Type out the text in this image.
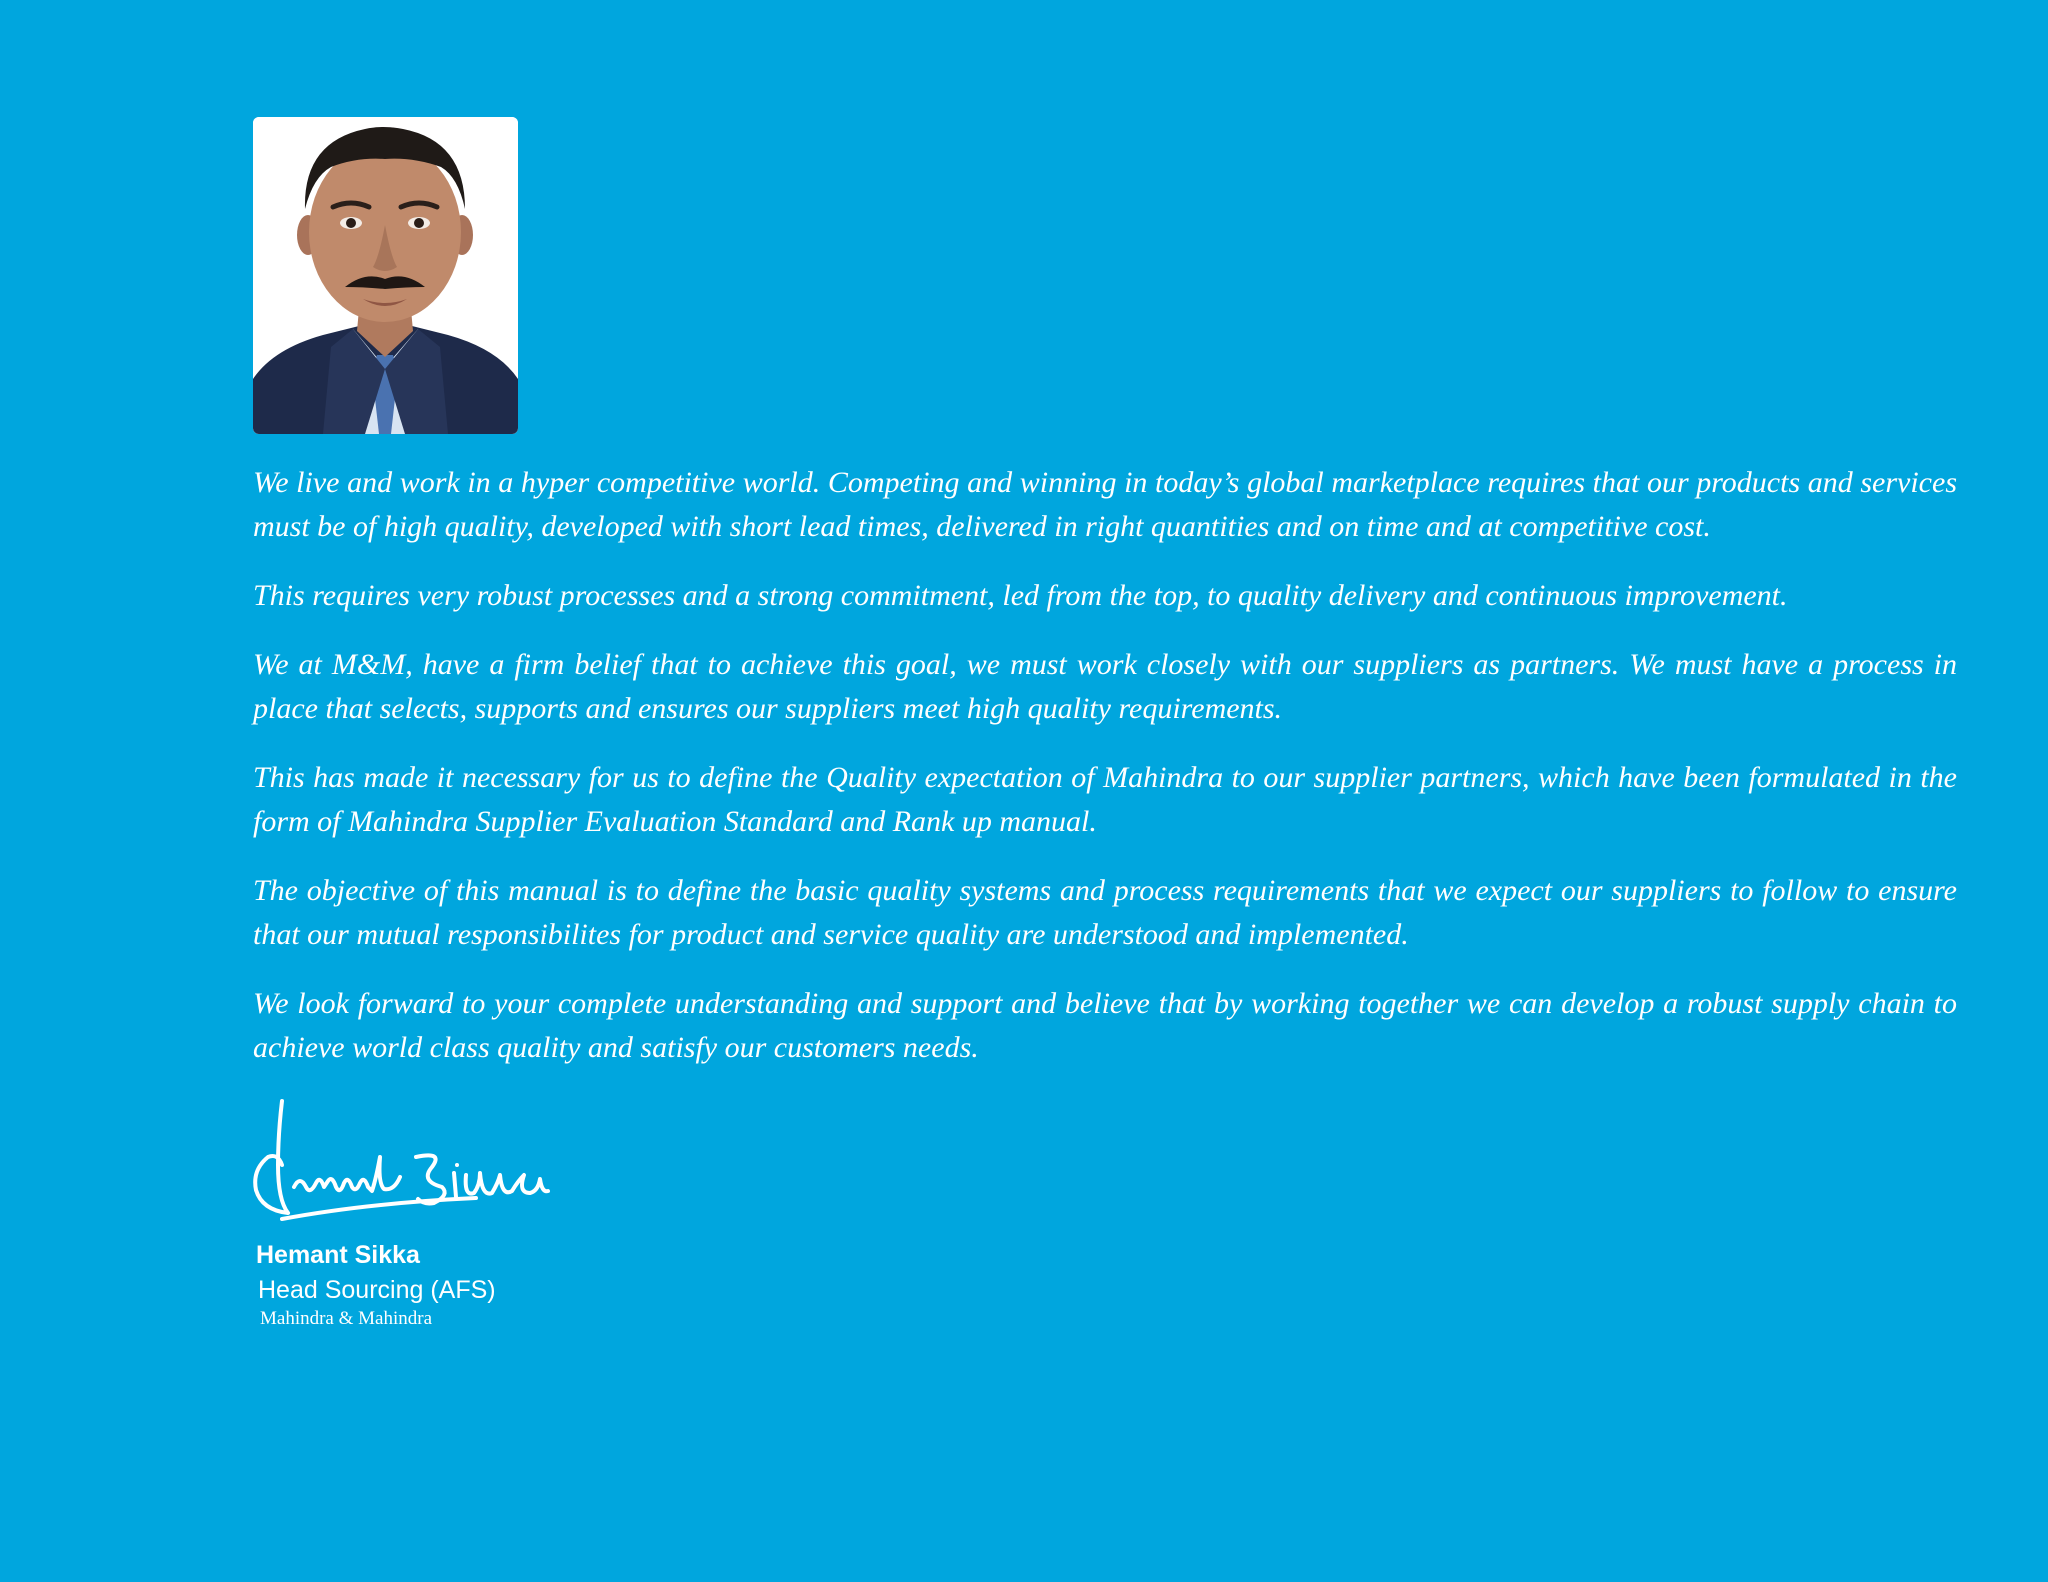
We live and work in a hyper competitive world. Competing and winning in today’s global marketplace requires that our products and services must be of high quality, developed with short lead times, delivered in right quantities and on time and at competitive cost.

This requires very robust processes and a strong commitment, led from the top, to quality delivery and continuous improvement.

We at M&M, have a firm belief that to achieve this goal, we must work closely with our suppliers as partners. We must have a process in place that selects, supports and ensures our suppliers meet high quality requirements.

This has made it necessary for us to define the Quality expectation of Mahindra to our supplier partners, which have been formulated in the form of Mahindra Supplier Evaluation Standard and Rank up manual.

The objective of this manual is to define the basic quality systems and process requirements that we expect our suppliers to follow to ensure that our mutual responsibilites for product and service quality are understood and implemented.

We look forward to your complete understanding and support and believe that by working together we can develop a robust supply chain to achieve world class quality and satisfy our customers needs.

Hemant Sikka
Head Sourcing (AFS)
Mahindra & Mahindra
